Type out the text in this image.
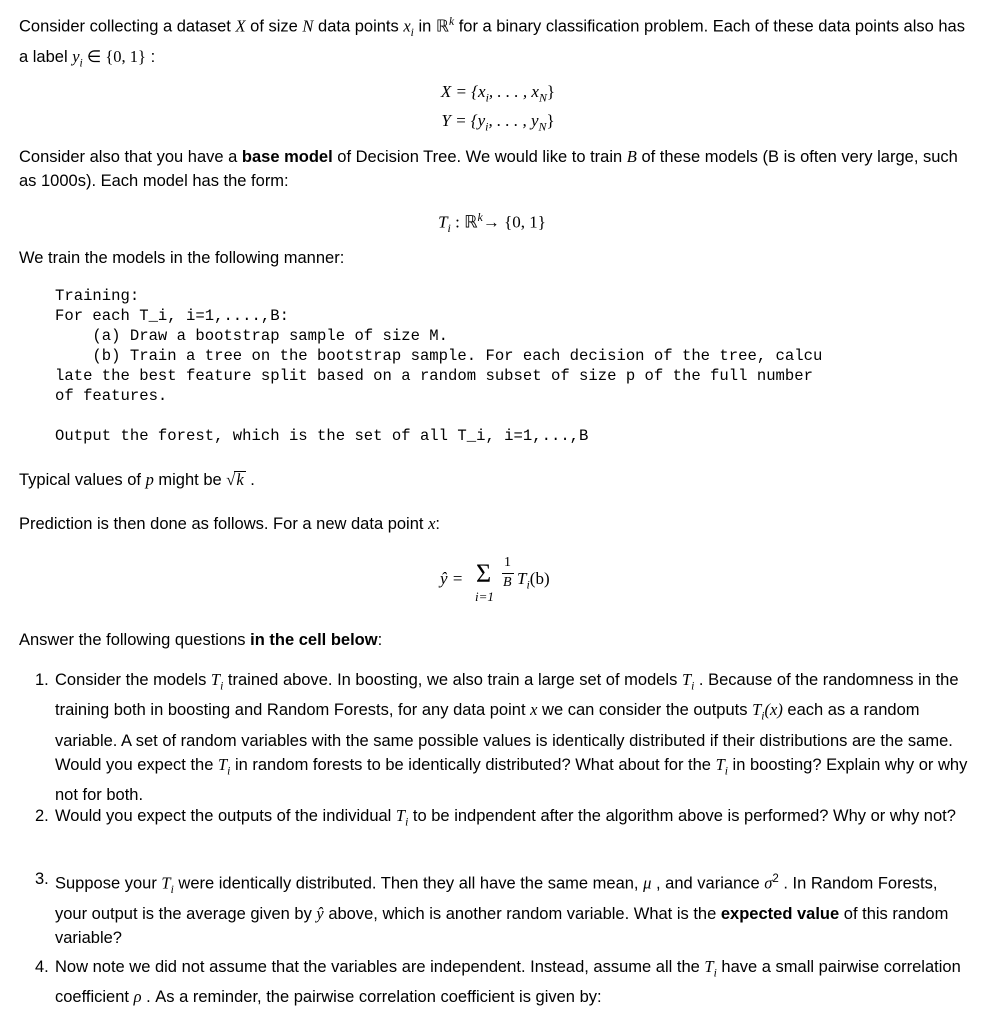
Consider collecting a dataset X of size N data points $x_i$ in ℝ$^k$ for a binary classification problem. Each of these data points also has a label $y_i$ ∈ {0, 1} :
$X = \{x_i$, . . . , $x_N$}
$Y = \{y_i$, . . . , $y_N$}
Consider also that you have a base model of Decision Tree. We would like to train B of these models (B is often very large, such as 1000s). Each model has the form:
$T_i$ : ℝ$^k$→ {0, 1}
We train the models in the following manner:
Training:
For each T_i, i=1,....,B:
(a) Draw a bootstrap sample of size M.
(b) Train a tree on the bootstrap sample. For each decision of the tree, calcu
late the best feature split based on a random subset of size p of the full number
of features.

Output the forest, which is the set of all T_i, i=1,...,B
Typical values of p might be √k .
Prediction is then done as follows. For a new data point x:
ŷ = Σ
i=1
1
B $T_i(b)$
Answer the following questions in the cell below:
1. Consider the models $T_i$ trained above. In boosting, we also train a large set of models $T_i$ . Because of the randomness in the training both in boosting and Random Forests, for any data point x we can consider the outputs $T_i(x)$ each as a random variable. A set of random variables with the same possible values is identically distributed if their distributions are the same. Would you expect the $T_i$ in random forests to be identically distributed? What about for the $T_i$ in boosting? Explain why or why not for both.
2. Would you expect the outputs of the individual $T_i$ to be indpendent after the algorithm above is performed? Why or why not?
3. Suppose your $T_i$ were identically distributed. Then they all have the same mean, μ , and variance $\sigma^2$ . In Random Forests, your output is the average given by ŷ above, which is another random variable. What is the expected value of this random variable?
4. Now note we did not assume that the variables are independent. Instead, assume all the $T_i$ have a small pairwise correlation coefficient ρ . As a reminder, the pairwise correlation coefficient is given by:
